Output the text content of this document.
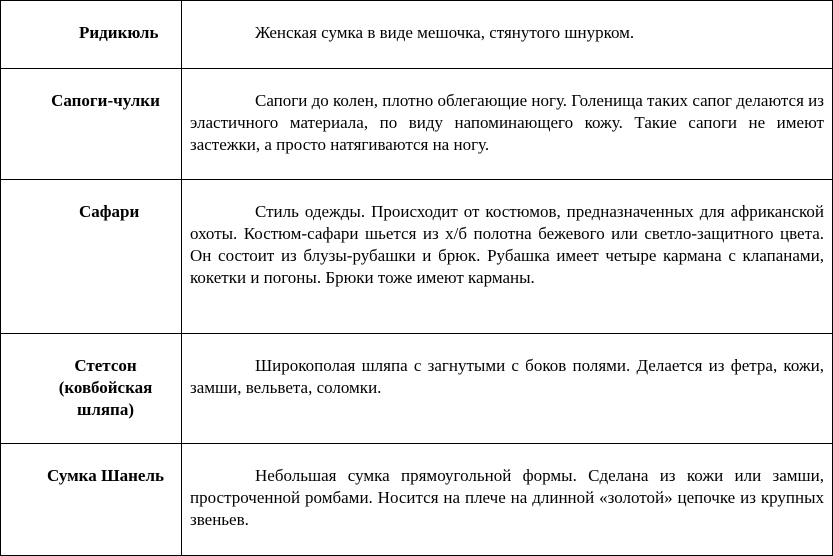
Ридикюль	Женская сумка в виде мешочка, стянутого шнурком.

Сапоги-чулки	Сапоги до колен, плотно облегающие ногу. Голенища таких сапог делаются из эластичного материала, по виду напоминающего кожу. Такие сапоги не имеют застежки, а просто натягиваются на ногу.

Сафари	Стиль одежды. Происходит от костюмов, предназначенных для африканской охоты. Костюм-сафари шьется из х/б полотна бежевого или светло-защитного цвета. Он состоит из блузы-рубашки и брюк. Рубашка имеет четыре кармана с клапанами, кокетки и погоны. Брюки тоже имеют карманы.

Стетсон (ковбойская шляпа)	Широкополая шляпа с загнутыми с боков полями. Делается из фетра, кожи, замши, вельвета, соломки.

Сумка Шанель	Небольшая сумка прямоугольной формы. Сделана из кожи или замши, простроченной ромбами. Носится на плече на длинной «золотой» цепочке из крупных звеньев.
